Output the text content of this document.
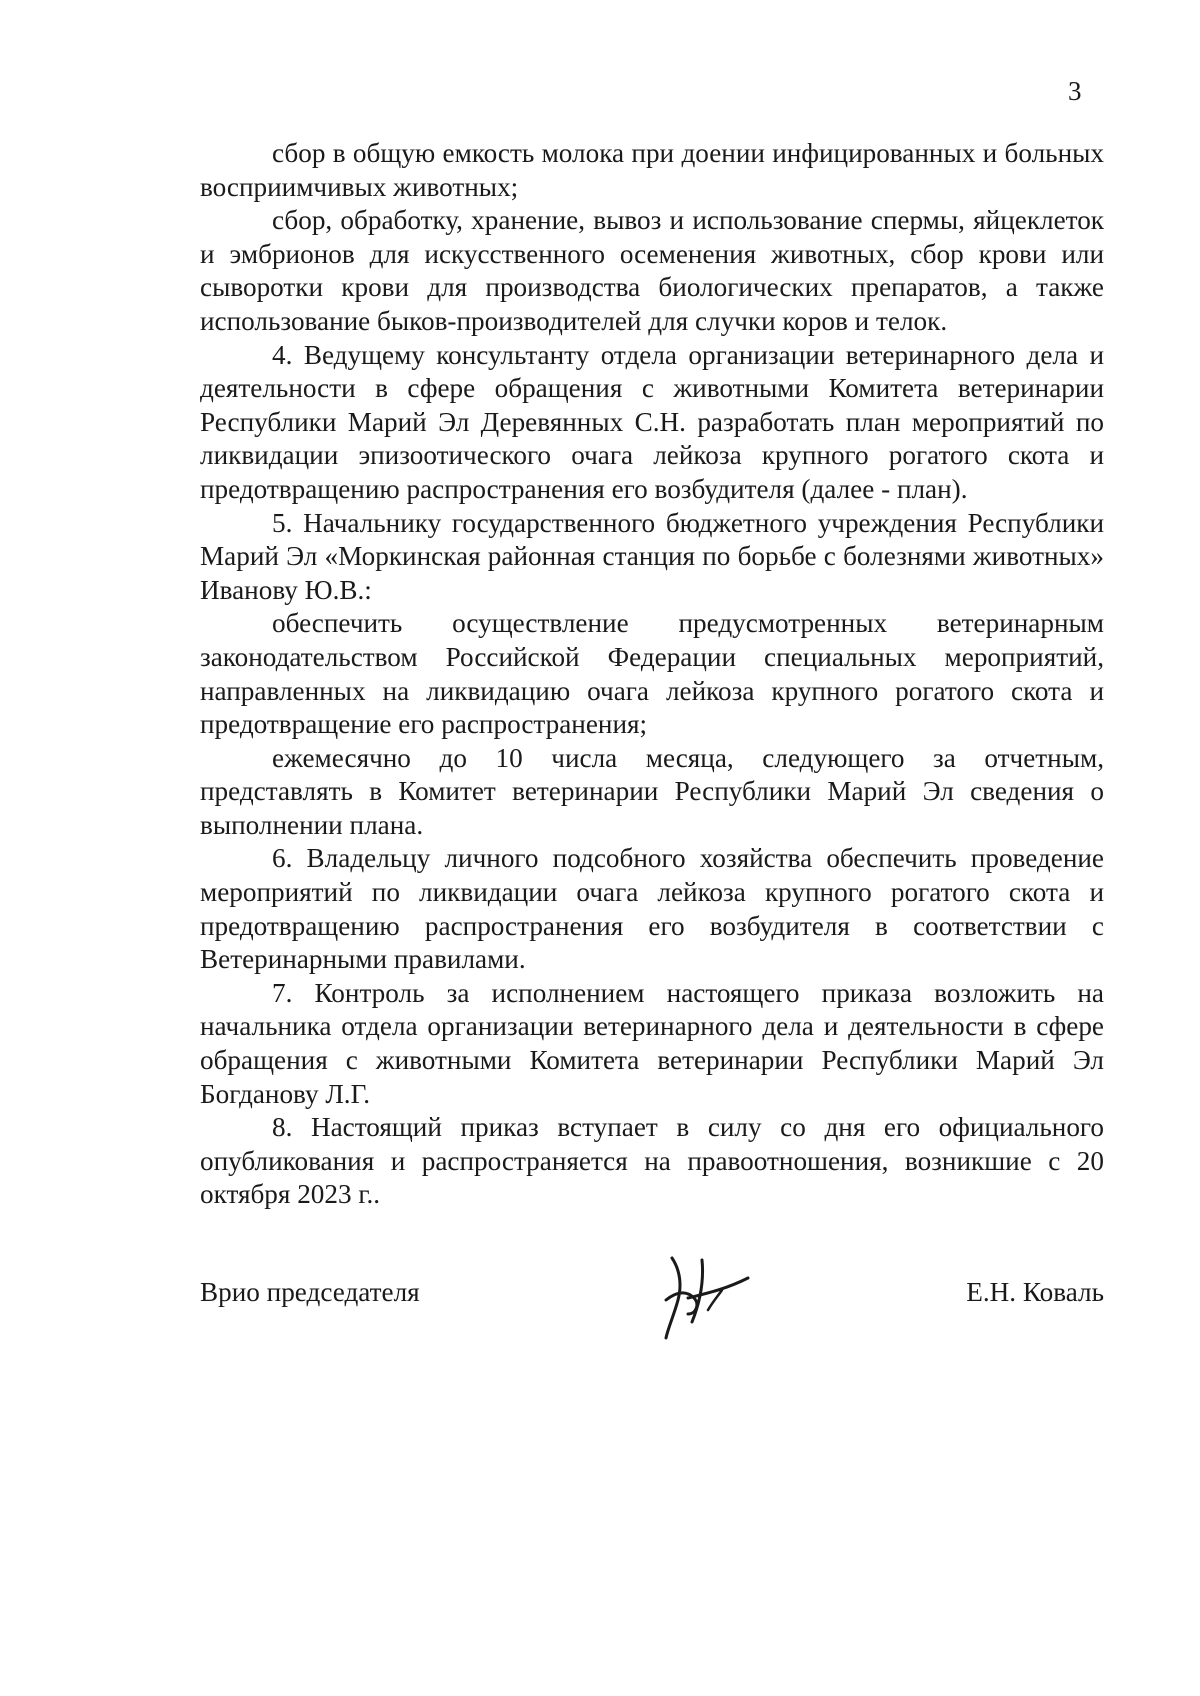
3

сбор в общую емкость молока при доении инфицированных и больных восприимчивых животных;

сбор, обработку, хранение, вывоз и использование спермы, яйцеклеток и эмбрионов для искусственного осеменения животных, сбор крови или сыворотки крови для производства биологических препаратов, а также использование быков-производителей для случки коров и телок.

4. Ведущему консультанту отдела организации ветеринарного дела и деятельности в сфере обращения с животными Комитета ветеринарии Республики Марий Эл Деревянных С.Н. разработать план мероприятий по ликвидации эпизоотического очага лейкоза крупного рогатого скота и предотвращению распространения его возбудителя (далее - план).

5. Начальнику государственного бюджетного учреждения Республики Марий Эл «Моркинская районная станция по борьбе с болезнями животных» Иванову Ю.В.:

обеспечить осуществление предусмотренных ветеринарным законодательством Российской Федерации специальных мероприятий, направленных на ликвидацию очага лейкоза крупного рогатого скота и предотвращение его распространения;

ежемесячно до 10 числа месяца, следующего за отчетным, представлять в Комитет ветеринарии Республики Марий Эл сведения о выполнении плана.

6. Владельцу личного подсобного хозяйства обеспечить проведение мероприятий по ликвидации очага лейкоза крупного рогатого скота и предотвращению распространения его возбудителя в соответствии с Ветеринарными правилами.

7. Контроль за исполнением настоящего приказа возложить на начальника отдела организации ветеринарного дела и деятельности в сфере обращения с животными Комитета ветеринарии Республики Марий Эл Богданову Л.Г.

8. Настоящий приказ вступает в силу со дня его официального опубликования и распространяется на правоотношения, возникшие с 20 октября 2023 г..

Врио председателя	Е.Н. Коваль
